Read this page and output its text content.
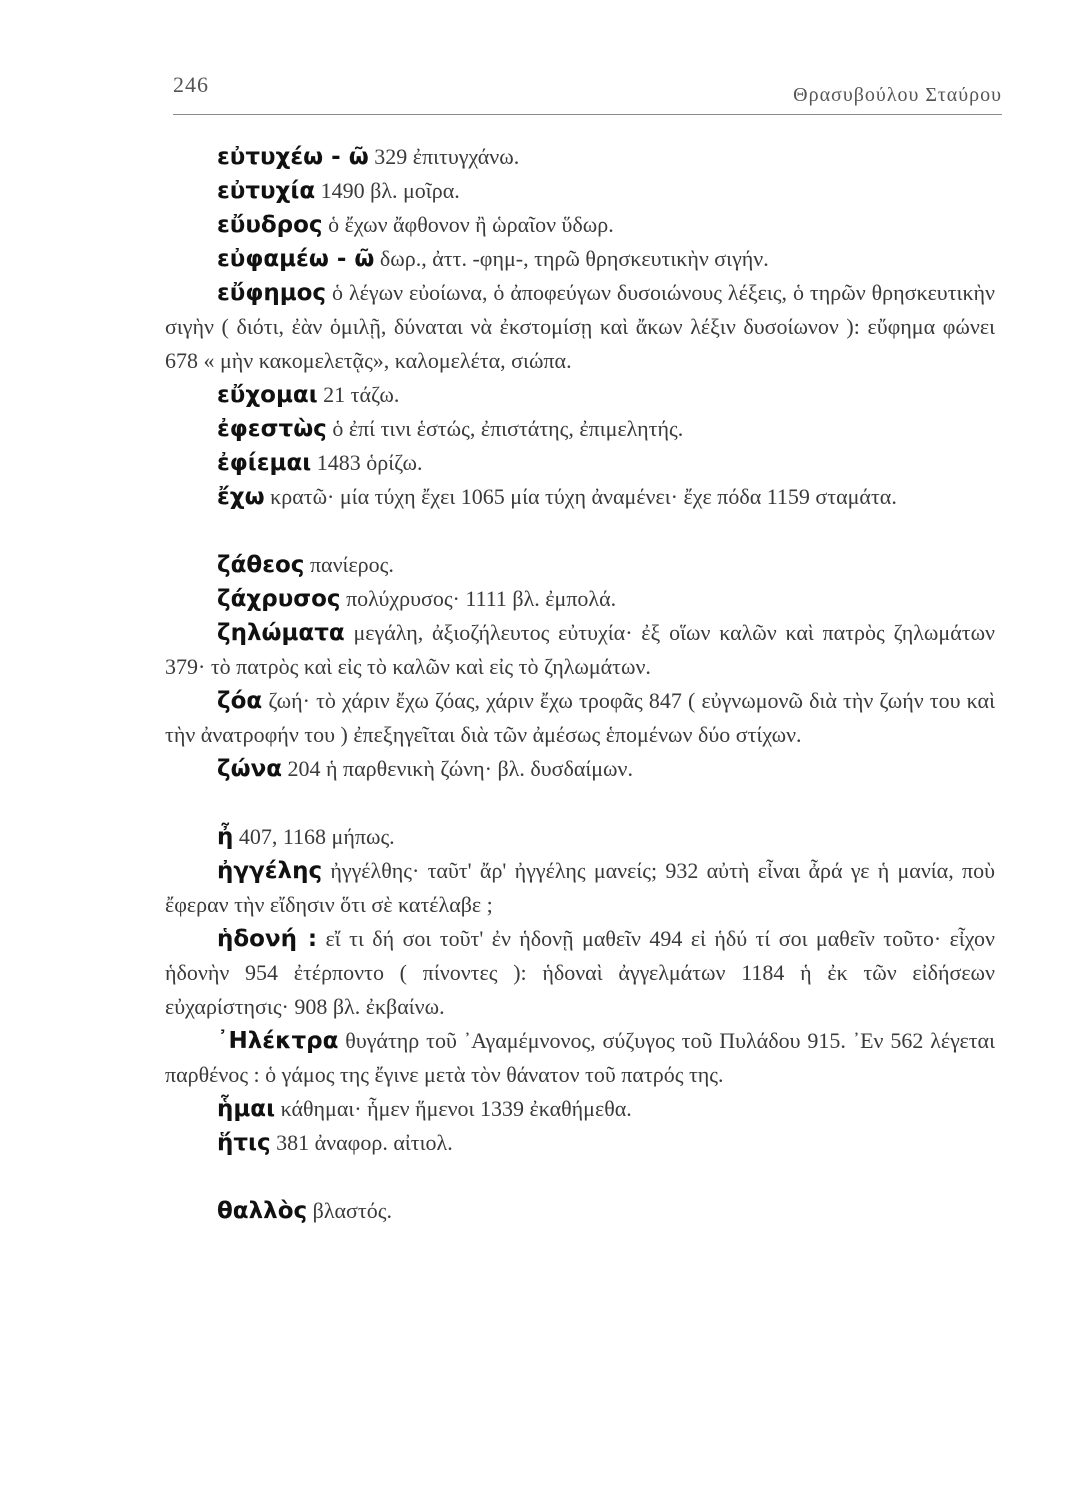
246	Θρασυβούλου Σταύρου

εὐτυχέω - ῶ 329 ἐπιτυγχάνω.

εὐτυχία 1490 βλ. μοῖρα.

εὔυδρος ὁ ἔχων ἄφθονον ἢ ὡραῖον ὕδωρ.

εὐφαμέω - ῶ δωρ., ἀττ. -φημ-, τηρῶ θρησκευτικὴν σιγήν.

εὔφημος ὁ λέγων εὐοίωνα, ὁ ἀποφεύγων δυσοιώνους λέξεις, ὁ τηρῶν θρησκευτικὴν σιγὴν ( διότι, ἐὰν ὁμιλῇ, δύναται νὰ ἐκστομίσῃ καὶ ἄκων λέξιν δυσοίωνον ): εὔφημα φώνει 678 « μὴν κακομελετᾷς», καλομελέτα, σιώπα.

εὔχομαι 21 τάζω.

ἐφεστὼς ὁ ἐπί τινι ἑστώς, ἐπιστάτης, ἐπιμελητής.

ἐφίεμαι 1483 ὁρίζω.

ἔχω κρατῶ· μία τύχη ἔχει 1065 μία τύχη ἀναμένει· ἔχε πόδα 1159 σταμάτα.

ζάθεος πανίερος.

ζάχρυσος πολύχρυσος· 1111 βλ. ἐμπολά.

ζηλώματα μεγάλη, ἀξιοζήλευτος εὐτυχία· ἐξ οἵων καλῶν καὶ πατρὸς ζηλωμάτων 379· τὸ πατρὸς καὶ εἰς τὸ καλῶν καὶ εἰς τὸ ζηλωμάτων.

ζόα ζωή· τὸ χάριν ἔχω ζόας, χάριν ἔχω τροφᾶς 847 ( εὐγνωμονῶ διὰ τὴν ζωήν του καὶ τὴν ἀνατροφήν του ) ἐπεξηγεῖται διὰ τῶν ἀμέσως ἑπομένων δύο στίχων.

ζώνα 204 ἡ παρθενικὴ ζώνη· βλ. δυσδαίμων.

ἦ 407, 1168 μήπως.

ἠγγέλης ἠγγέλθης· ταῦτ' ἄρ' ἠγγέλης μανείς; 932 αὐτὴ εἶναι ἆρά γε ἡ μανία, ποὺ ἔφεραν τὴν εἴδησιν ὅτι σὲ κατέλαβε ;

ἡδονή : εἴ τι δή σοι τοῦτ' ἐν ἡδονῇ μαθεῖν 494 εἰ ἡδύ τί σοι μαθεῖν τοῦτο· εἶχον ἡδονὴν 954 ἐτέρποντο ( πίνοντες ): ἡδοναὶ ἀγγελμάτων 1184 ἡ ἐκ τῶν εἰδήσεων εὐχαρίστησις· 908 βλ. ἐκβαίνω.

᾿Ηλέκτρα θυγάτηρ τοῦ ᾿Αγαμέμνονος, σύζυγος τοῦ Πυλάδου 915. ᾿Εν 562 λέγεται παρθένος : ὁ γάμος της ἔγινε μετὰ τὸν θάνατον τοῦ πατρός της.

ἧμαι κάθημαι· ἧμεν ἥμενοι 1339 ἐκαθήμεθα.

ἥτις 381 ἀναφορ. αἰτιολ.

θαλλὸς βλαστός.
